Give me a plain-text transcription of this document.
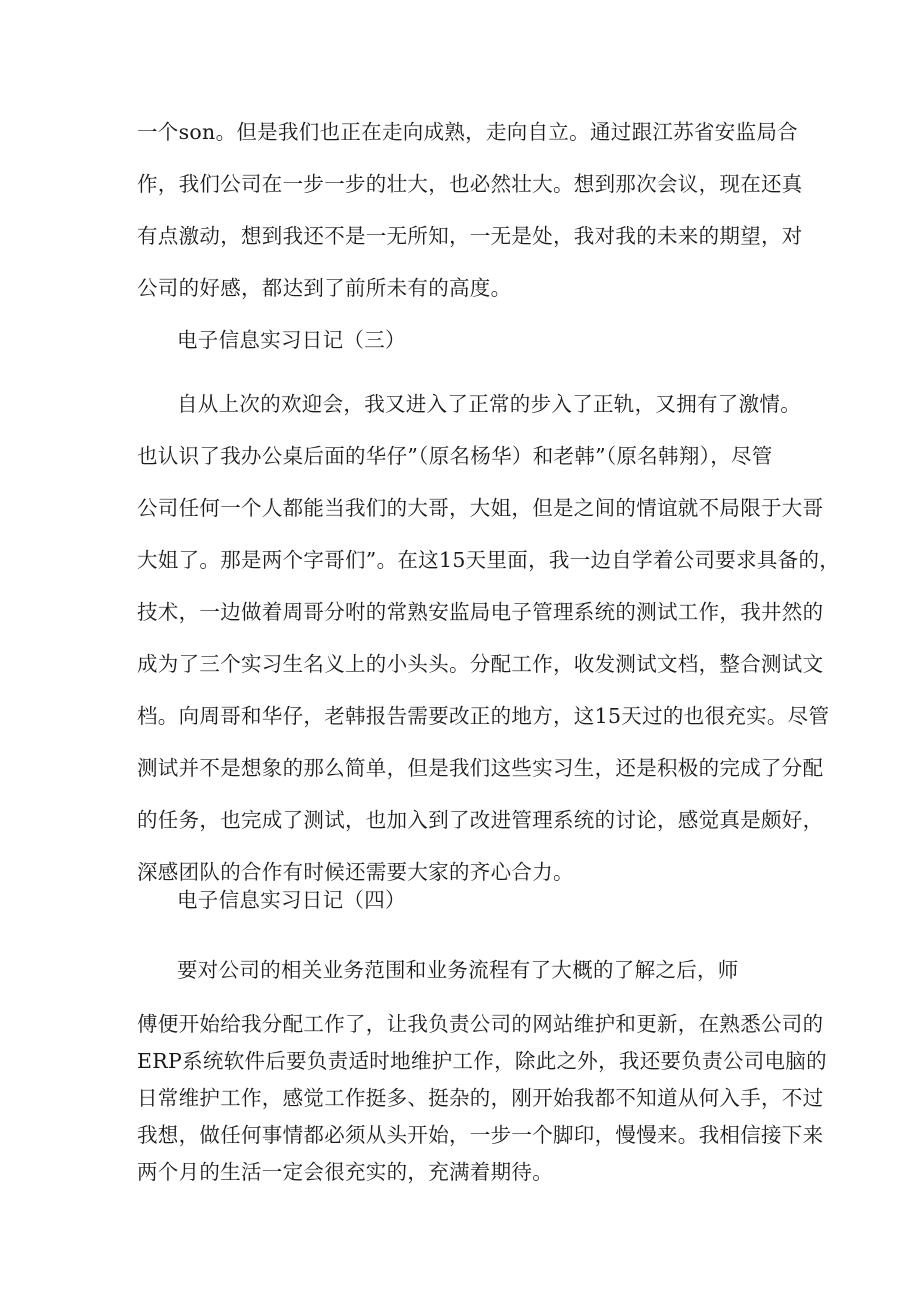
一个son。但是我们也正在走向成熟，走向自立。通过跟江苏省安监局合

作，我们公司在一步一步的壮大，也必然壮大。想到那次会议，现在还真

有点激动，想到我还不是一无所知，一无是处，我对我的未来的期望，对

公司的好感，都达到了前所未有的高度。

电子信息实习日记（三）

自从上次的欢迎会，我又进入了正常的步入了正轨，又拥有了激情。

也认识了我办公桌后面的华仔”（原名杨华）和老韩”（原名韩翔），尽管

公司任何一个人都能当我们的大哥，大姐，但是之间的情谊就不局限于大哥

大姐了。那是两个字哥们”。在这15天里面，我一边自学着公司要求具备的，

技术，一边做着周哥分咐的常熟安监局电子管理系统的测试工作，我井然的

成为了三个实习生名义上的小头头。分配工作，收发测试文档，整合测试文

档。向周哥和华仔，老韩报告需要改正的地方，这15天过的也很充实。尽管

测试并不是想象的那么简单，但是我们这些实习生，还是积极的完成了分配

的任务，也完成了测试，也加入到了改进管理系统的讨论，感觉真是颇好，

深感团队的合作有时候还需要大家的齐心合力。

电子信息实习日记（四）

要对公司的相关业务范围和业务流程有了大概的了解之后，师

傅便开始给我分配工作了，让我负责公司的网站维护和更新，在熟悉公司的

ERP系统软件后要负责适时地维护工作，除此之外，我还要负责公司电脑的

日常维护工作，感觉工作挺多、挺杂的，刚开始我都不知道从何入手，不过

我想，做任何事情都必须从头开始，一步一个脚印，慢慢来。我相信接下来

两个月的生活一定会很充实的，充满着期待。
